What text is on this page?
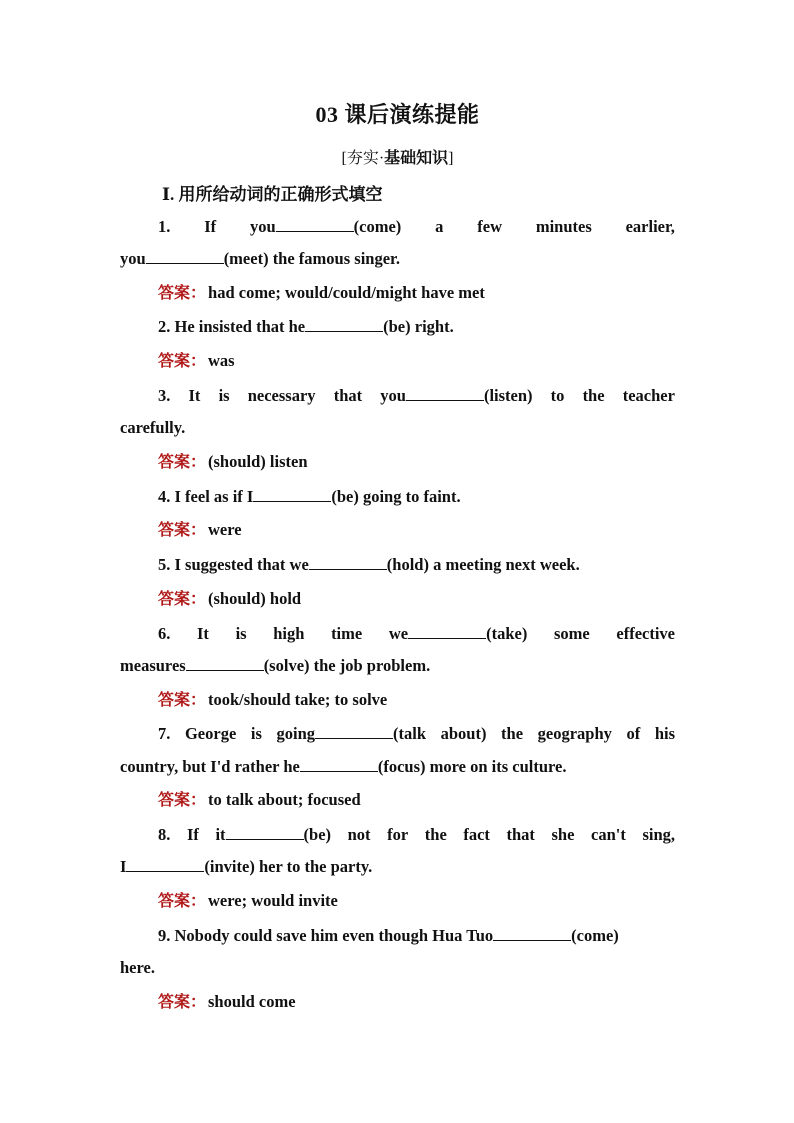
03 课后演练提能
[夯实·基础知识]
Ⅰ. 用所给动词的正确形式填空
1. If you	(come) a few minutes earlier,
you	(meet) the famous singer.
答案： had come; would/could/might have met
2. He insisted that he	(be) right.
答案： was
3. It is necessary that you	(listen) to the teacher
carefully.
答案： (should) listen
4. I feel as if I	(be) going to faint.
答案： were
5. I suggested that we	(hold) a meeting next week.
答案： (should) hold
6. It is high time we	(take) some effective
measures	(solve) the job problem.
答案： took/should take; to solve
7. George is going	(talk about) the geography of his
country, but I'd rather he	(focus) more on its culture.
答案： to talk about; focused
8. If it	(be) not for the fact that she can't sing,
I	(invite) her to the party.
答案： were; would invite
9. Nobody could save him even though Hua Tuo	(come)
here.
答案： should come
